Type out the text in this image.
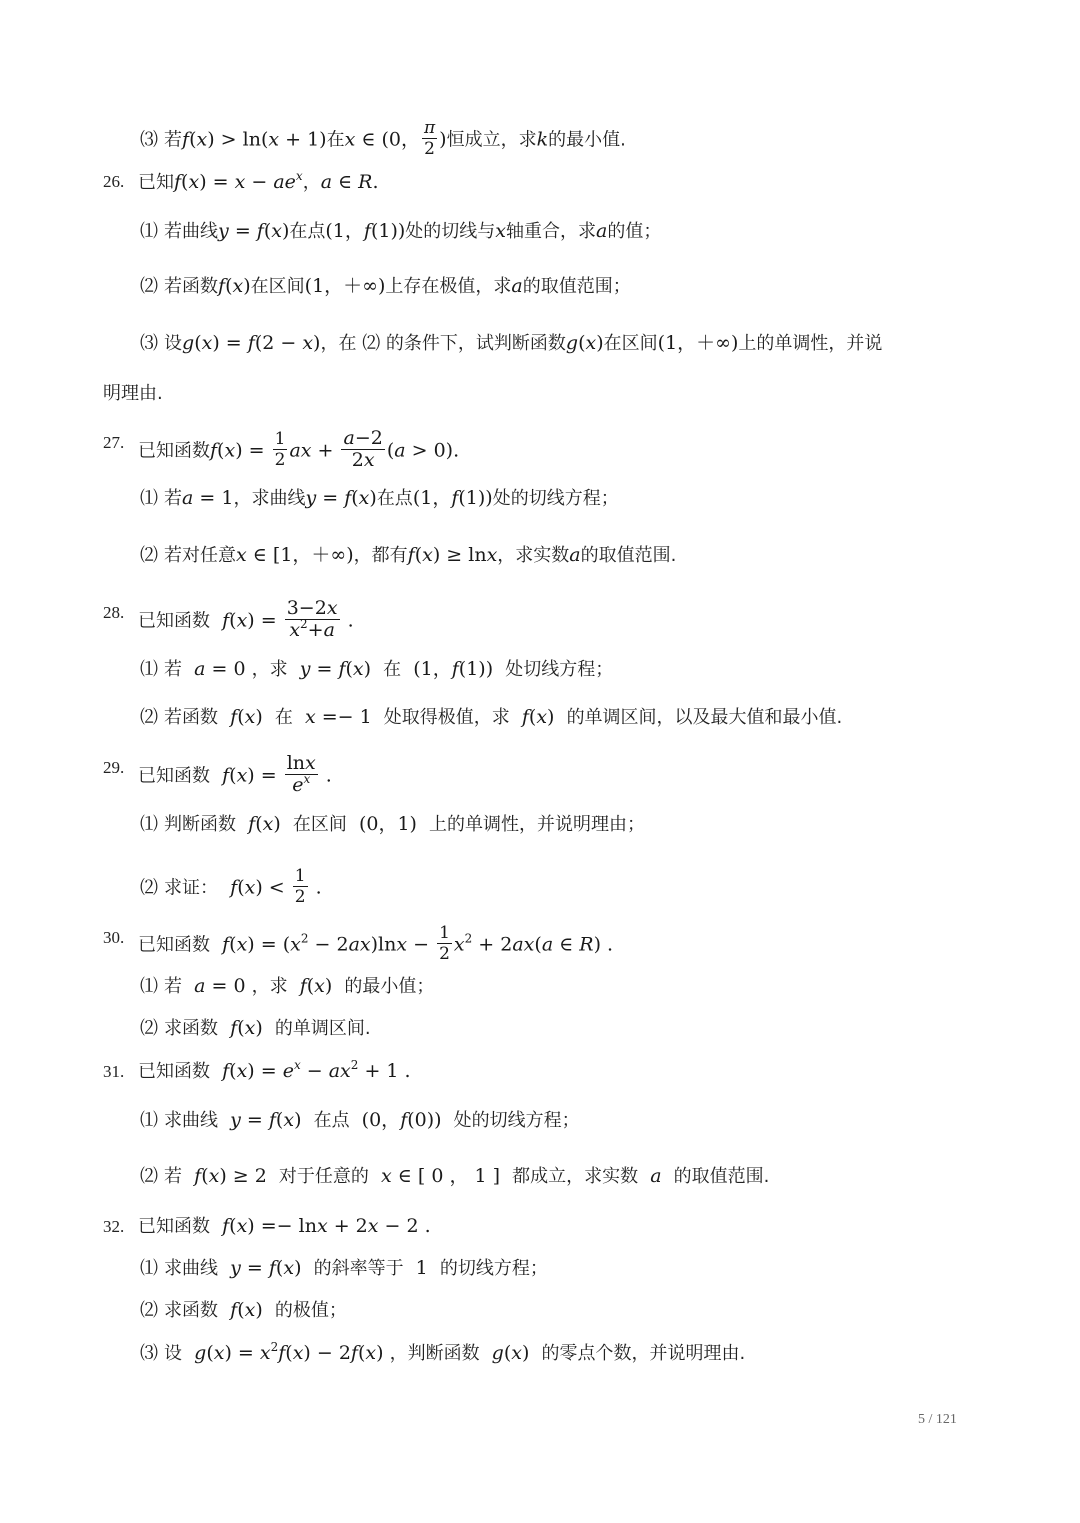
⑶ 若f(x) > ln(x + 1)在x ∈ (0， $\frac{\pi}{2}$ )恒成立，求k的最小值.
26. 已知$f(x) = x - ae^x$，a ∈ R.
⑴ 若曲线y = f(x)在点(1，f(1))处的切线与x轴重合，求a的值；
⑵ 若函数f(x)在区间(1，＋∞)上存在极值，求a的取值范围；
⑶ 设g(x) = f(2 − x)，在 ⑵ 的条件下，试判断函数g(x)在区间(1，＋∞)上的单调性，并说
明理由.
27. 已知函数$f(x) = \frac{1}{2}$ ax + $\frac{a-2}{2x} (a > 0)$.
⑴ 若a = 1，求曲线y = f(x)在点(1，f(1))处的切线方程；
⑵ 若对任意x ∈ [1，＋∞)，都有f(x) ≥ lnx，求实数a的取值范围.
28. 已知函数 $f(x) = \frac{3-2x}{x^2+a}$ .
⑴ 若 a = 0 ，求 y = f(x) 在 (1，f(1)) 处切线方程；
⑵ 若函数 f(x) 在 x =− 1 处取得极值，求 f(x) 的单调区间，以及最大值和最小值.
29. 已知函数 $f(x) = \frac{\ln x}{e^x}$ .
⑴ 判断函数 f(x) 在区间 (0，1) 上的单调性，并说明理由；
⑵ 求证： $f(x) < \frac{1}{2}$ .
30. 已知函数 $f(x) = (x^2 - 2ax)\ln x - \frac{1}{2} x^2 + 2ax(a$ ∈ R) .
⑴ 若 a = 0 ，求 f(x) 的最小值；
⑵ 求函数 f(x) 的单调区间.
31. 已知函数 $f(x) = e^x - ax^2 + 1$ .
⑴ 求曲线 y = f(x) 在点 (0，f(0)) 处的切线方程；
⑵ 若 f(x) ≥ 2 对于任意的 x ∈ [ 0 ， 1 ] 都成立，求实数 a 的取值范围.
32. 已知函数 f(x) =− lnx + 2x − 2 .
⑴ 求曲线 y = f(x) 的斜率等于 1 的切线方程；
⑵ 求函数 f(x) 的极值；
⑶ 设 $g(x) = x^2f(x) - 2f(x)$ ，判断函数 g(x) 的零点个数，并说明理由.
5 / 121
